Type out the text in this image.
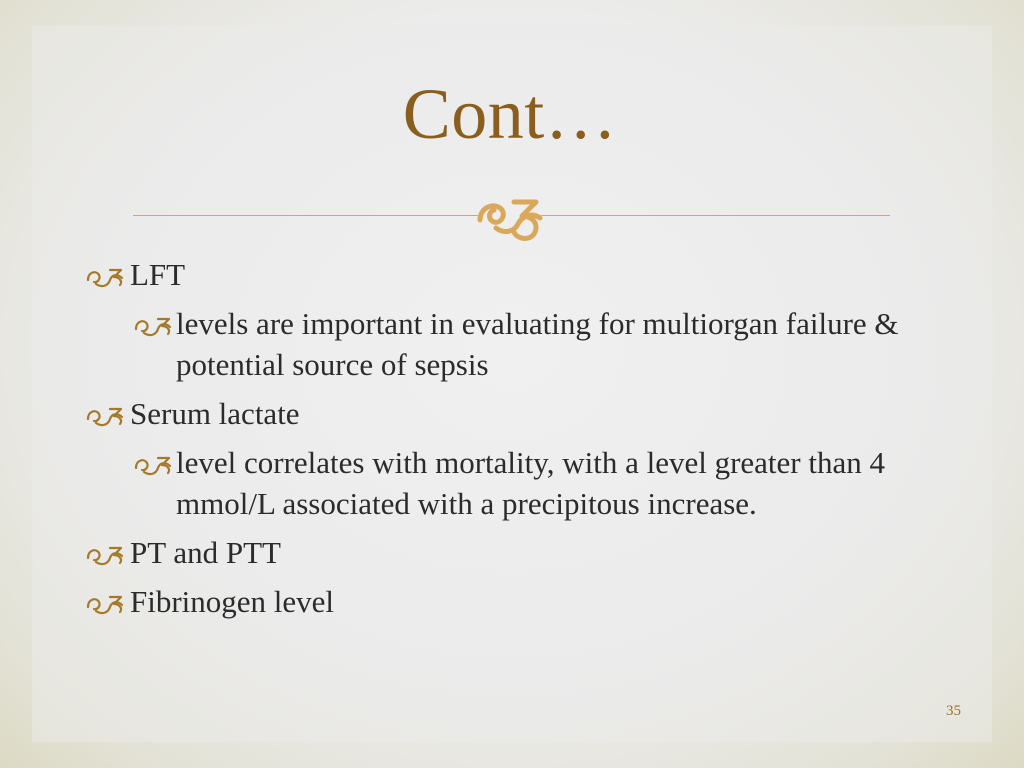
Cont…
LFT
levels are important in evaluating for multiorgan failure & potential source of sepsis
Serum lactate
level correlates with mortality, with a level greater than 4 mmol/L associated with a precipitous increase.
PT and PTT
Fibrinogen level
35
